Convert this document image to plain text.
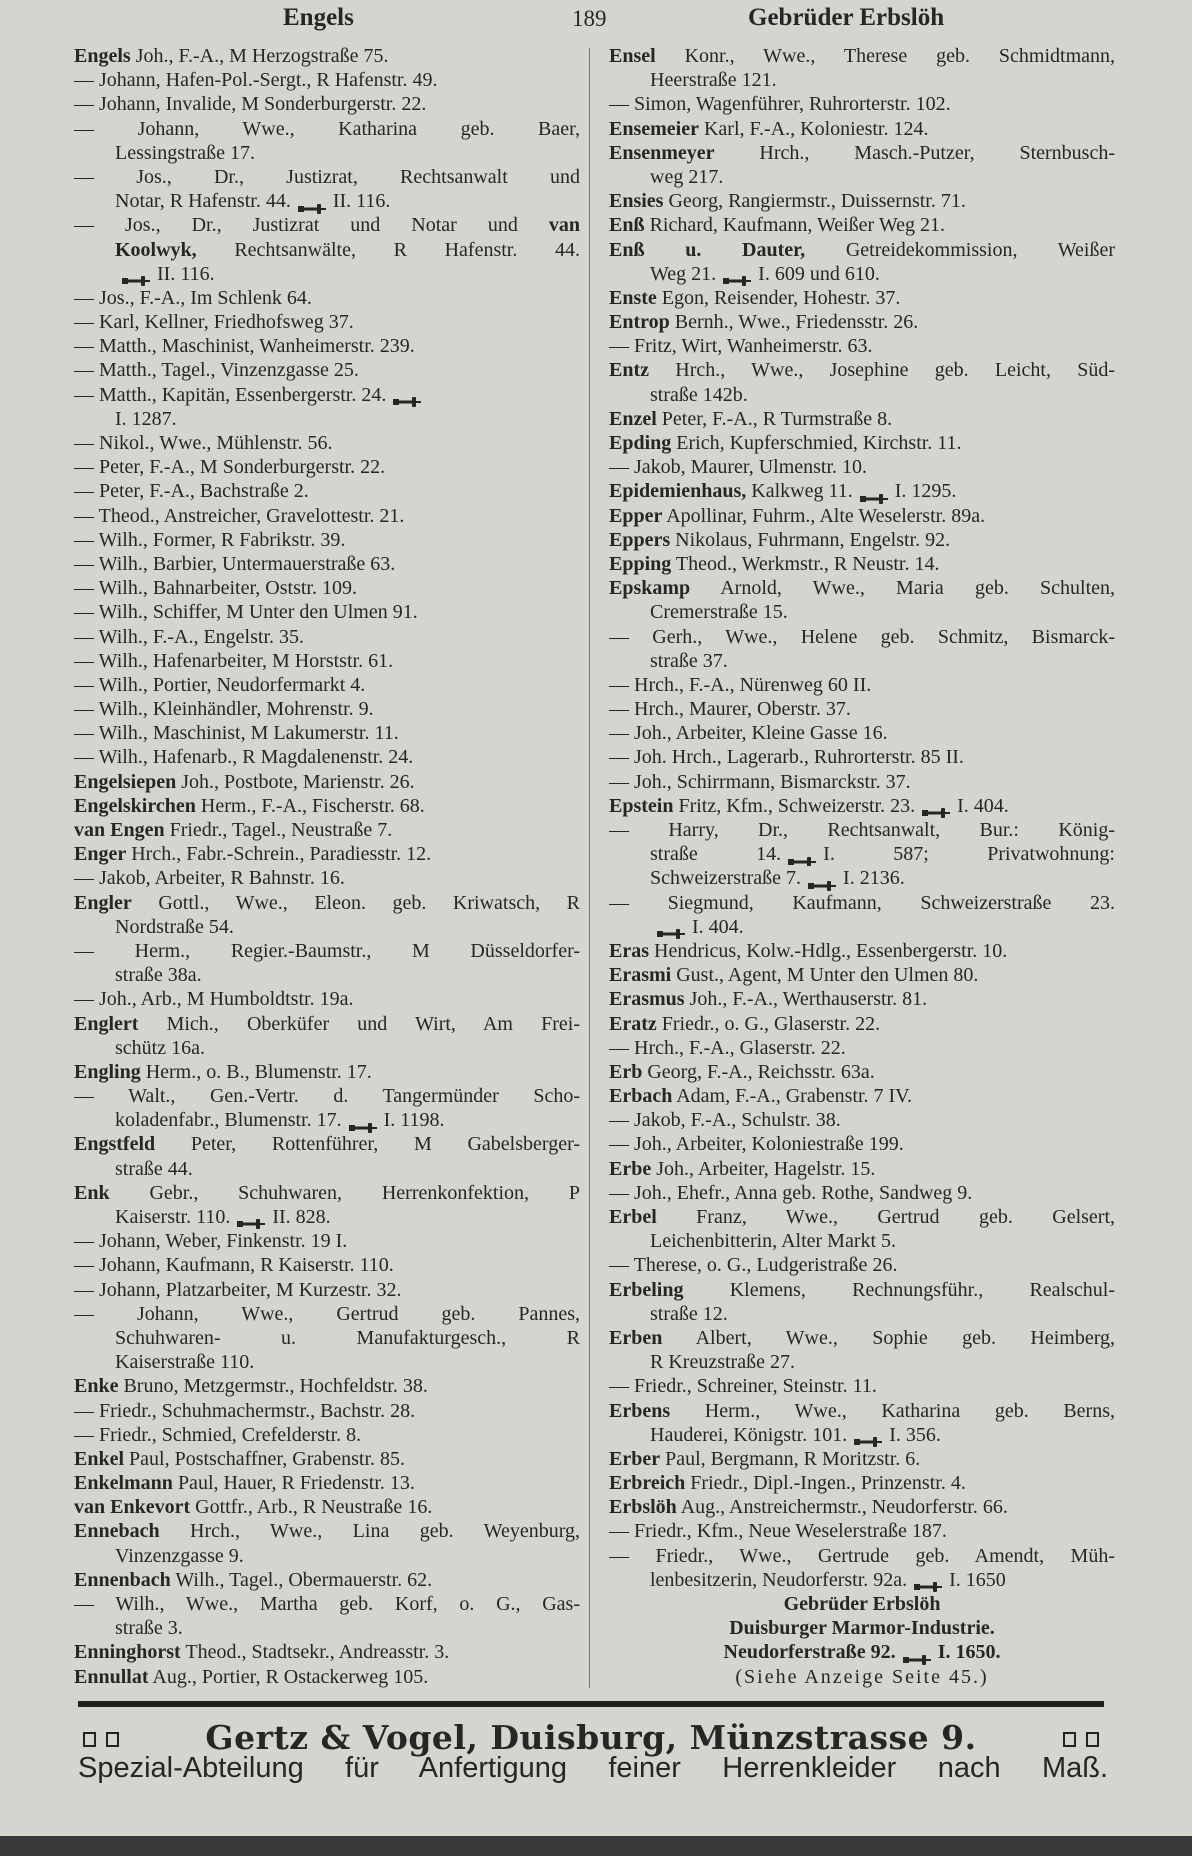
Engels	189	Gebrüder Erbslöh
Engels Joh., F.-A., M Herzogstraße 75.
— Johann, Hafen-Pol.-Sergt., R Hafenstr. 49.
— Johann, Invalide, M Sonderburgerstr. 22.
— Johann, Wwe., Katharina geb. Baer,
Lessingstraße 17.
— Jos., Dr., Justizrat, Rechtsanwalt und
Notar, R Hafenstr. 44. II. 116.
— Jos., Dr., Justizrat und Notar und van
Koolwyk, Rechtsanwälte, R Hafenstr. 44.
II. 116.
— Jos., F.-A., Im Schlenk 64.
— Karl, Kellner, Friedhofsweg 37.
— Matth., Maschinist, Wanheimerstr. 239.
— Matth., Tagel., Vinzenzgasse 25.
— Matth., Kapitän, Essenbergerstr. 24.
I. 1287.
— Nikol., Wwe., Mühlenstr. 56.
— Peter, F.-A., M Sonderburgerstr. 22.
— Peter, F.-A., Bachstraße 2.
— Theod., Anstreicher, Gravelottestr. 21.
— Wilh., Former, R Fabrikstr. 39.
— Wilh., Barbier, Untermauerstraße 63.
— Wilh., Bahnarbeiter, Oststr. 109.
— Wilh., Schiffer, M Unter den Ulmen 91.
— Wilh., F.-A., Engelstr. 35.
— Wilh., Hafenarbeiter, M Horststr. 61.
— Wilh., Portier, Neudorfermarkt 4.
— Wilh., Kleinhändler, Mohrenstr. 9.
— Wilh., Maschinist, M Lakumerstr. 11.
— Wilh., Hafenarb., R Magdalenenstr. 24.
Engelsiepen Joh., Postbote, Marienstr. 26.
Engelskirchen Herm., F.-A., Fischerstr. 68.
van Engen Friedr., Tagel., Neustraße 7.
Enger Hrch., Fabr.-Schrein., Paradiesstr. 12.
— Jakob, Arbeiter, R Bahnstr. 16.
Engler Gottl., Wwe., Eleon. geb. Kriwatsch, R
Nordstraße 54.
— Herm., Regier.-Baumstr., M Düsseldorfer-
straße 38a.
— Joh., Arb., M Humboldtstr. 19a.
Englert Mich., Oberküfer und Wirt, Am Frei-
schütz 16a.
Engling Herm., o. B., Blumenstr. 17.
— Walt., Gen.-Vertr. d. Tangermünder Scho-
koladenfabr., Blumenstr. 17. I. 1198.
Engstfeld Peter, Rottenführer, M Gabelsberger-
straße 44.
Enk Gebr., Schuhwaren, Herrenkonfektion, P
Kaiserstr. 110. II. 828.
— Johann, Weber, Finkenstr. 19 I.
— Johann, Kaufmann, R Kaiserstr. 110.
— Johann, Platzarbeiter, M Kurzestr. 32.
— Johann, Wwe., Gertrud geb. Pannes,
Schuhwaren- u. Manufakturgesch., R
Kaiserstraße 110.
Enke Bruno, Metzgermstr., Hochfeldstr. 38.
— Friedr., Schuhmachermstr., Bachstr. 28.
— Friedr., Schmied, Crefelderstr. 8.
Enkel Paul, Postschaffner, Grabenstr. 85.
Enkelmann Paul, Hauer, R Friedenstr. 13.
van Enkevort Gottfr., Arb., R Neustraße 16.
Ennebach Hrch., Wwe., Lina geb. Weyenburg,
Vinzenzgasse 9.
Ennenbach Wilh., Tagel., Obermauerstr. 62.
— Wilh., Wwe., Martha geb. Korf, o. G., Gas-
straße 3.
Enninghorst Theod., Stadtsekr., Andreasstr. 3.
Ennullat Aug., Portier, R Ostackerweg 105.
Ensel Konr., Wwe., Therese geb. Schmidtmann,
Heerstraße 121.
— Simon, Wagenführer, Ruhrorterstr. 102.
Ensemeier Karl, F.-A., Koloniestr. 124.
Ensenmeyer Hrch., Masch.-Putzer, Sternbusch-
weg 217.
Ensies Georg, Rangiermstr., Duissernstr. 71.
Enß Richard, Kaufmann, Weißer Weg 21.
Enß u. Dauter, Getreidekommission, Weißer
Weg 21. I. 609 und 610.
Enste Egon, Reisender, Hohestr. 37.
Entrop Bernh., Wwe., Friedensstr. 26.
— Fritz, Wirt, Wanheimerstr. 63.
Entz Hrch., Wwe., Josephine geb. Leicht, Süd-
straße 142b.
Enzel Peter, F.-A., R Turmstraße 8.
Epding Erich, Kupferschmied, Kirchstr. 11.
— Jakob, Maurer, Ulmenstr. 10.
Epidemienhaus, Kalkweg 11. I. 1295.
Epper Apollinar, Fuhrm., Alte Weselerstr. 89a.
Eppers Nikolaus, Fuhrmann, Engelstr. 92.
Epping Theod., Werkmstr., R Neustr. 14.
Epskamp Arnold, Wwe., Maria geb. Schulten,
Cremerstraße 15.
— Gerh., Wwe., Helene geb. Schmitz, Bismarck-
straße 37.
— Hrch., F.-A., Nürenweg 60 II.
— Hrch., Maurer, Oberstr. 37.
— Joh., Arbeiter, Kleine Gasse 16.
— Joh. Hrch., Lagerarb., Ruhrorterstr. 85 II.
— Joh., Schirrmann, Bismarckstr. 37.
Epstein Fritz, Kfm., Schweizerstr. 23. I. 404.
— Harry, Dr., Rechtsanwalt, Bur.: König-
straße 14. I. 587; Privatwohnung:
Schweizerstraße 7. I. 2136.
— Siegmund, Kaufmann, Schweizerstraße 23.
I. 404.
Eras Hendricus, Kolw.-Hdlg., Essenbergerstr. 10.
Erasmi Gust., Agent, M Unter den Ulmen 80.
Erasmus Joh., F.-A., Werthauserstr. 81.
Eratz Friedr., o. G., Glaserstr. 22.
— Hrch., F.-A., Glaserstr. 22.
Erb Georg, F.-A., Reichsstr. 63a.
Erbach Adam, F.-A., Grabenstr. 7 IV.
— Jakob, F.-A., Schulstr. 38.
— Joh., Arbeiter, Koloniestraße 199.
Erbe Joh., Arbeiter, Hagelstr. 15.
— Joh., Ehefr., Anna geb. Rothe, Sandweg 9.
Erbel Franz, Wwe., Gertrud geb. Gelsert,
Leichenbitterin, Alter Markt 5.
— Therese, o. G., Ludgeristraße 26.
Erbeling Klemens, Rechnungsführ., Realschul-
straße 12.
Erben Albert, Wwe., Sophie geb. Heimberg,
R Kreuzstraße 27.
— Friedr., Schreiner, Steinstr. 11.
Erbens Herm., Wwe., Katharina geb. Berns,
Hauderei, Königstr. 101. I. 356.
Erber Paul, Bergmann, R Moritzstr. 6.
Erbreich Friedr., Dipl.-Ingen., Prinzenstr. 4.
Erbslöh Aug., Anstreichermstr., Neudorferstr. 66.
— Friedr., Kfm., Neue Weselerstraße 187.
— Friedr., Wwe., Gertrude geb. Amendt, Müh-
lenbesitzerin, Neudorferstr. 92a. I. 1650
Gebrüder Erbslöh
Duisburger Marmor-Industrie.
Neudorferstraße 92. I. 1650.
(Siehe Anzeige Seite 45.)
Gertz & Vogel, Duisburg, Münzstrasse 9.
Spezial-Abteilung für Anfertigung feiner Herrenkleider nach Maß.
